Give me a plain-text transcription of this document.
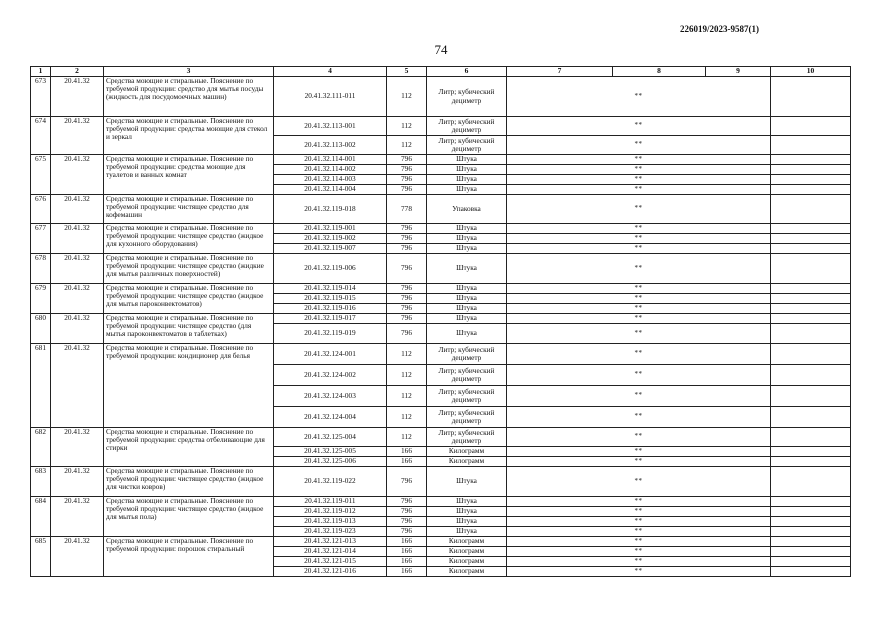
226019/2023-9587(1)
74
1	2	3	4	5	6	7	8	9	10
673	20.41.32	Средства моющие и стиральные. Пояснение по требуемой продукции: средство для мытья посуды (жидкость для посудомоечных машин)	20.41.32.111-011	112	Литр; кубический дециметр	**			
674	20.41.32	Средства моющие и стиральные. Пояснение по требуемой продукции: средства моющие для стекол и зеркал	20.41.32.113-001	112	Литр; кубический дециметр	**			
			20.41.32.113-002	112	Литр; кубический дециметр	**			
675	20.41.32	Средства моющие и стиральные. Пояснение по требуемой продукции: средства моющие для туалетов и ванных комнат	20.41.32.114-001	796	Штука	**			
			20.41.32.114-002	796	Штука	**			
			20.41.32.114-003	796	Штука	**			
			20.41.32.114-004	796	Штука	**			
676	20.41.32	Средства моющие и стиральные. Пояснение по требуемой продукции: чистящее средство для кофемашин	20.41.32.119-018	778	Упаковка	**			
677	20.41.32	Средства моющие и стиральные. Пояснение по требуемой продукции: чистящее средство (жидкое для кухонного оборудования)	20.41.32.119-001	796	Штука	**			
			20.41.32.119-002	796	Штука	**			
			20.41.32.119-007	796	Штука	**			
678	20.41.32	Средства моющие и стиральные. Пояснение по требуемой продукции: чистящее средство (жидкие для мытья различных поверхностей)	20.41.32.119-006	796	Штука	**			
679	20.41.32	Средства моющие и стиральные. Пояснение по требуемой продукции: чистящее средство (жидкое для мытья пароконвектоматов)	20.41.32.119-014	796	Штука	**			
			20.41.32.119-015	796	Штука	**			
			20.41.32.119-016	796	Штука	**			
680	20.41.32	Средства моющие и стиральные. Пояснение по требуемой продукции: чистящее средство (для мытья пароконвектоматов в таблетках)	20.41.32.119-017	796	Штука	**			
			20.41.32.119-019	796	Штука	**			
681	20.41.32	Средства моющие и стиральные. Пояснение по требуемой продукции: кондиционер для белья	20.41.32.124-001	112	Литр; кубический дециметр	**			
			20.41.32.124-002	112	Литр; кубический дециметр	**			
			20.41.32.124-003	112	Литр; кубический дециметр	**			
			20.41.32.124-004	112	Литр; кубический дециметр	**			
682	20.41.32	Средства моющие и стиральные. Пояснение по требуемой продукции: средства отбеливающие для стирки	20.41.32.125-004	112	Литр; кубический дециметр	**			
			20.41.32.125-005	166	Килограмм	**			
			20.41.32.125-006	166	Килограмм	**			
683	20.41.32	Средства моющие и стиральные. Пояснение по требуемой продукции: чистящее средство (жидкое для чистки ковров)	20.41.32.119-022	796	Штука	**			
684	20.41.32	Средства моющие и стиральные. Пояснение по требуемой продукции: чистящее средство (жидкое для мытья пола)	20.41.32.119-011	796	Штука	**			
			20.41.32.119-012	796	Штука	**			
			20.41.32.119-013	796	Штука	**			
			20.41.32.119-023	796	Штука	**			
685	20.41.32	Средства моющие и стиральные. Пояснение по требуемой продукции: порошок стиральный	20.41.32.121-013	166	Килограмм	**			
			20.41.32.121-014	166	Килограмм	**			
			20.41.32.121-015	166	Килограмм	**			
			20.41.32.121-016	166	Килограмм	**			
